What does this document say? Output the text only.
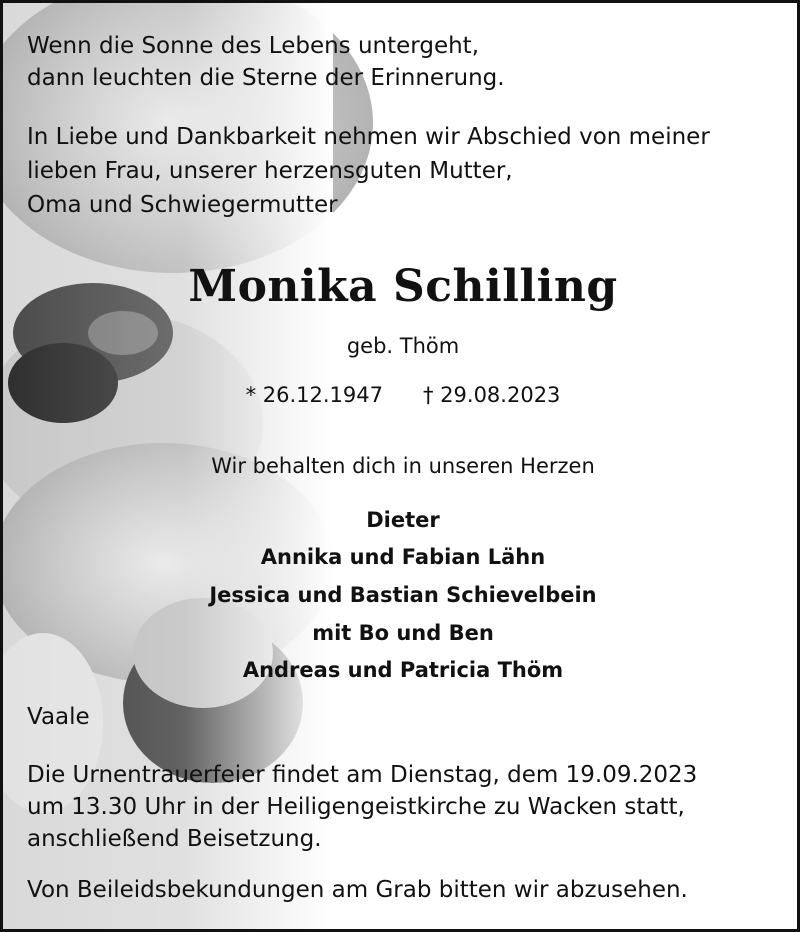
Wenn die Sonne des Lebens untergeht,
dann leuchten die Sterne der Erinnerung.
In Liebe und Dankbarkeit nehmen wir Abschied von meiner
lieben Frau, unserer herzensguten Mutter,
Oma und Schwiegermutter
Monika Schilling
geb. Thöm
* 26.12.1947 † 29.08.2023
Wir behalten dich in unseren Herzen
Dieter
Annika und Fabian Lähn
Jessica und Bastian Schievelbein
mit Bo und Ben
Andreas und Patricia Thöm
Vaale
Die Urnentrauerfeier findet am Dienstag, dem 19.09.2023
um 13.30 Uhr in der Heiligengeistkirche zu Wacken statt,
anschließend Beisetzung.
Von Beileidsbekundungen am Grab bitten wir abzusehen.
